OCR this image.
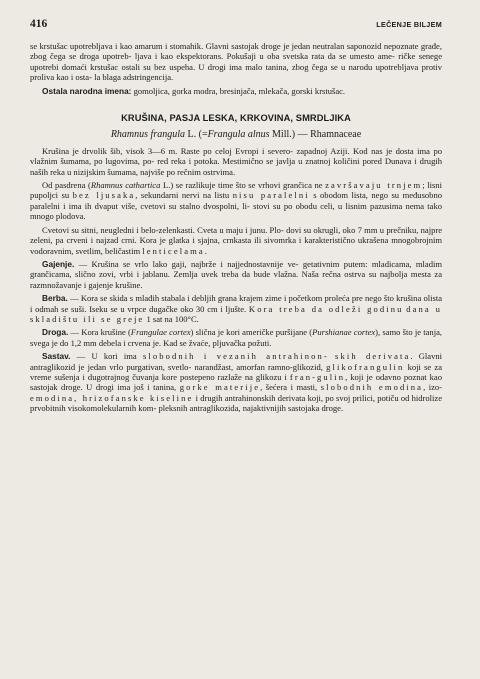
416	LEČENJE BILJEM

se krstušac upotrebljava i kao amarum i stomahik. Glavni sastojak droge je jedan neutralan saponozid nepoznate građe, zbog čega se droga upotreb- ljava i kao ekspektorans. Pokušaji u oba svetska rata da se umesto ame- ričke senege upotrebi domaći krstušac ostali su bez uspeha. U drogi ima malo tanina, zbog čega se u narodu upotrebljava protiv proliva kao i osta- la blaga adstringencija.

Ostala narodna imena: gomoljica, gorka modra, bresinjača, mlekača, gorski krstušac.

KRUŠINA, PASJA LESKA, KRKOVINA, SMRDLJIKA
Rhamnus frangula L. (=Frangula alnus Mill.) — Rhamnaceae

Krušina je drvolik šib, visok 3—6 m. Raste po celoj Evropi i severo- zapadnoj Aziji. Kod nas je dosta ima po vlažnim šumama, po lugovima, po- red reka i potoka. Mestimično se javlja u znatnoj količini pored Dunava i drugih naših reka u nizijskim šumama, najviše po rečnim ostrvima.

Od pasdrena (Rhamnus cathartica L.) se razlikuje time što se vrhovi grančica ne završavaju trnjem; lisni pupoljci su bez ljusaka, sekundarni nervi na listu nisu paralelni s obodom lista, nego su međusobno paralelni i ima ih dvaput više, cvetovi su stalno dvospolni, li- stovi su po obodu celi, u lisnim pazusima nema tako mnogo plodova.

Cvetovi su sitni, neugledni i belo-zelenkasti. Cveta u maju i junu. Plo- dovi su okrugli, oko 7 mm u prečniku, najpre zeleni, pa crveni i najzad crni. Kora je glatka i sjajna, crnkasta ili sivomrka i karakteristično ukrašena mnogobrojnim vodoravnim, svetlim, beličastim lenticelama.

Gajenje. — Krušina se vrlo lako gaji, najbrže i najjednostavnije ve- getativnim putem: mladicama, mladim grančicama, slično zovi, vrbi i jablanu. Zemlja uvek treba da bude vlažna. Naša rečna ostrva su najbolja mesta za razmnožavanje i gajenje krušine.

Berba. — Kora se skida s mlađih stabala i debljih grana krajem zime i početkom proleća pre nego što krušina olista i odmah se suši. Iseku se u vrpce dugačke oko 30 cm i ljušte. Kora treba da odleži godinu dana u skladištu ili se greje 1 sat na 100°C.

Droga. — Kora krušine (Frangulae cortex) slična je kori američke puršijane (Purshianae cortex), samo što je tanja, svega je do 1,2 mm debela i crvena je. Kad se žvaće, pljuvačka požuti.

Sastav. — U kori ima slobodnih i vezanih antrahinon- skih derivata. Glavni antraglikozid je jedan vrlo purgativan, svetlo- narandžast, amorfan ramno-glikozid, glikofrangulin koji se za vreme sušenja i dugotrajnog čuvanja kore postepeno razlaže na glikozu i fran-gulin, koji je odavno poznat kao sastojak droge. U drogi ima još i tanina, gorke materije, šećera i masti, slobodnih emodina, izo-emodina, hrizofanske kiseline i drugih antrahinonskih derivata koji, po svoj prilici, potiču od hidrolize prvobitnih visokomolekularnih kom- pleksnih antraglikozida, najaktivnijih sastojaka droge.
